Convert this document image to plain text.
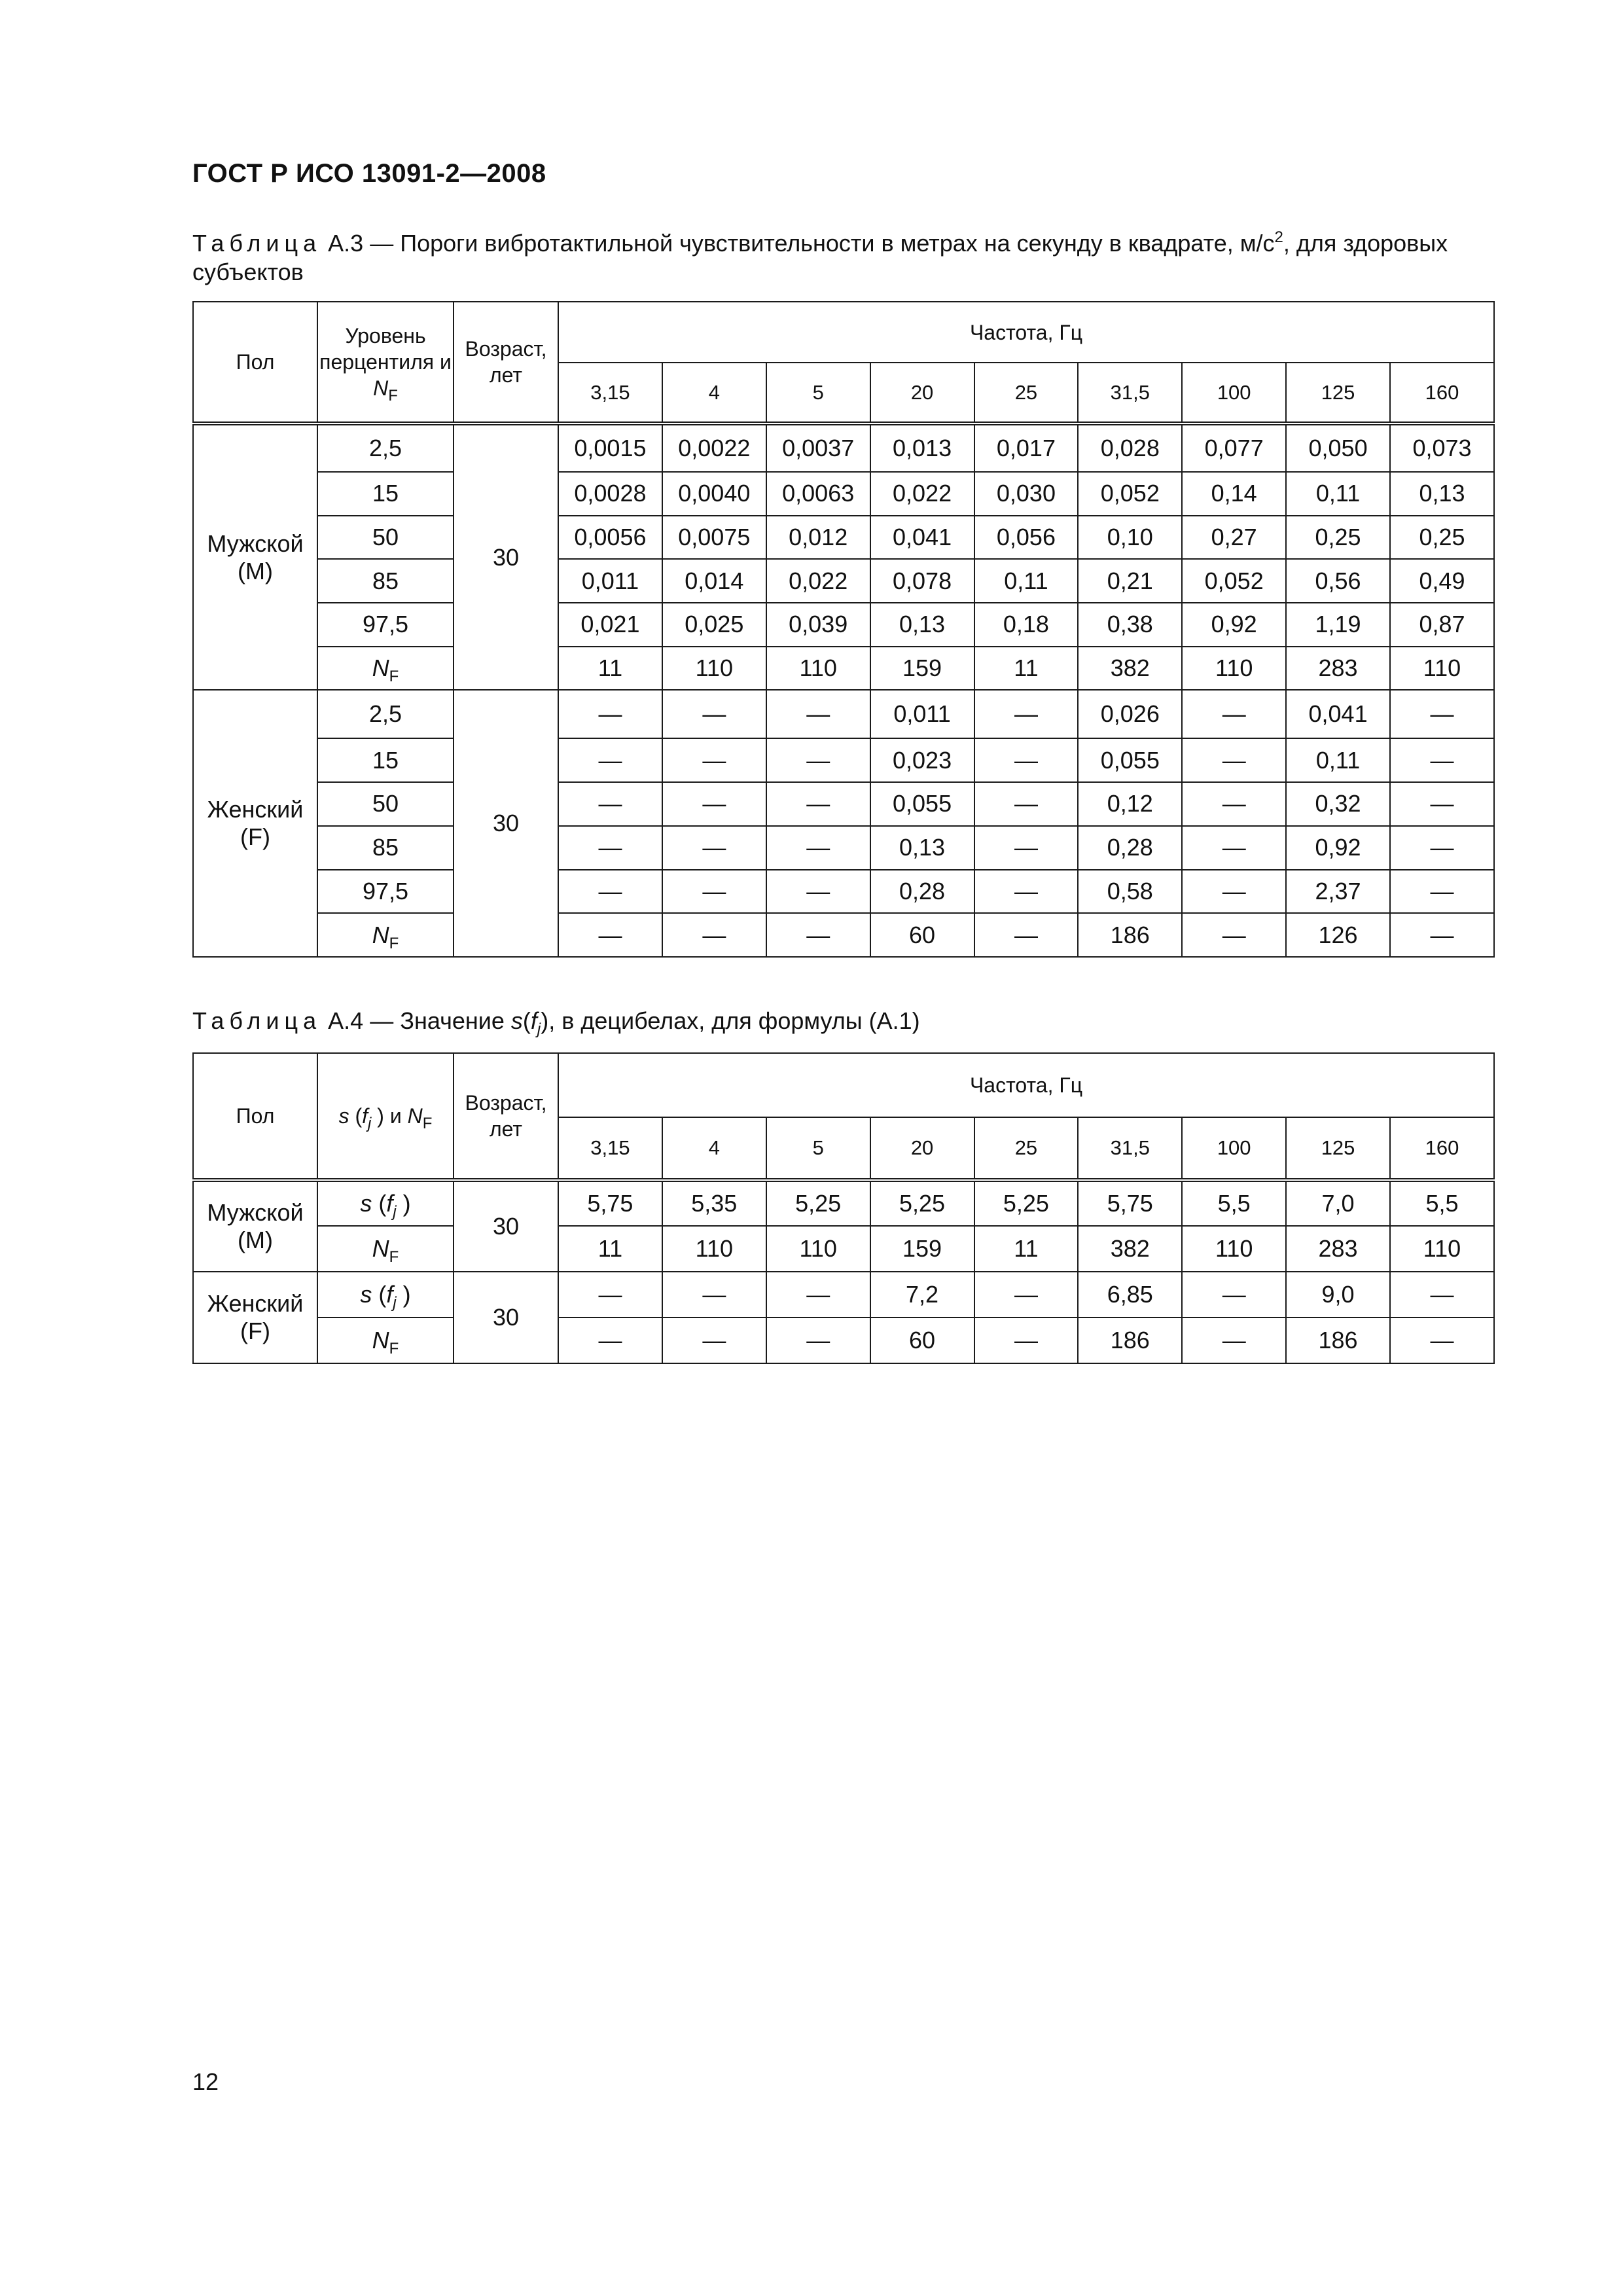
ГОСТ Р ИСО 13091-2—2008
Таблица А.3 — Пороги вибротактильной чувствительности в метрах на секунду в квадрате, $м/с^2$, для здоровых субъектов
Пол	Уровень перцентиля и $N_F$	Возраст, лет	Частота, Гц								
			3,15	4	5	20	25	31,5	100	125	160
Мужской
(M)	2,5	30	0,0015	0,0022	0,0037	0,013	0,017	0,028	0,077	0,050	0,073
	15		0,0028	0,0040	0,0063	0,022	0,030	0,052	0,14	0,11	0,13
	50		0,0056	0,0075	0,012	0,041	0,056	0,10	0,27	0,25	0,25
	85		0,011	0,014	0,022	0,078	0,11	0,21	0,052	0,56	0,49
	97,5		0,021	0,025	0,039	0,13	0,18	0,38	0,92	1,19	0,87
	$N_F$		11	110	110	159	11	382	110	283	110
Женский
(F)	2,5	30	—	—	—	0,011	—	0,026	—	0,041	—
	15		—	—	—	0,023	—	0,055	—	0,11	—
	50		—	—	—	0,055	—	0,12	—	0,32	—
	85		—	—	—	0,13	—	0,28	—	0,92	—
	97,5		—	—	—	0,28	—	0,58	—	2,37	—
	$N_F$		—	—	—	60	—	186	—	126	—
Таблица А.4 — Значение $s(f_j)$, в децибелах, для формулы (А.1)
Пол	s ($f_j$ ) и $N_F$	Возраст, лет	Частота, Гц								
			3,15	4	5	20	25	31,5	100	125	160
Мужской
(M)	s ($f_j$ )	30	5,75	5,35	5,25	5,25	5,25	5,75	5,5	7,0	5,5
	$N_F$		11	110	110	159	11	382	110	283	110
Женский
(F)	s ($f_j$ )	30	—	—	—	7,2	—	6,85	—	9,0	—
	$N_F$		—	—	—	60	—	186	—	186	—
12
